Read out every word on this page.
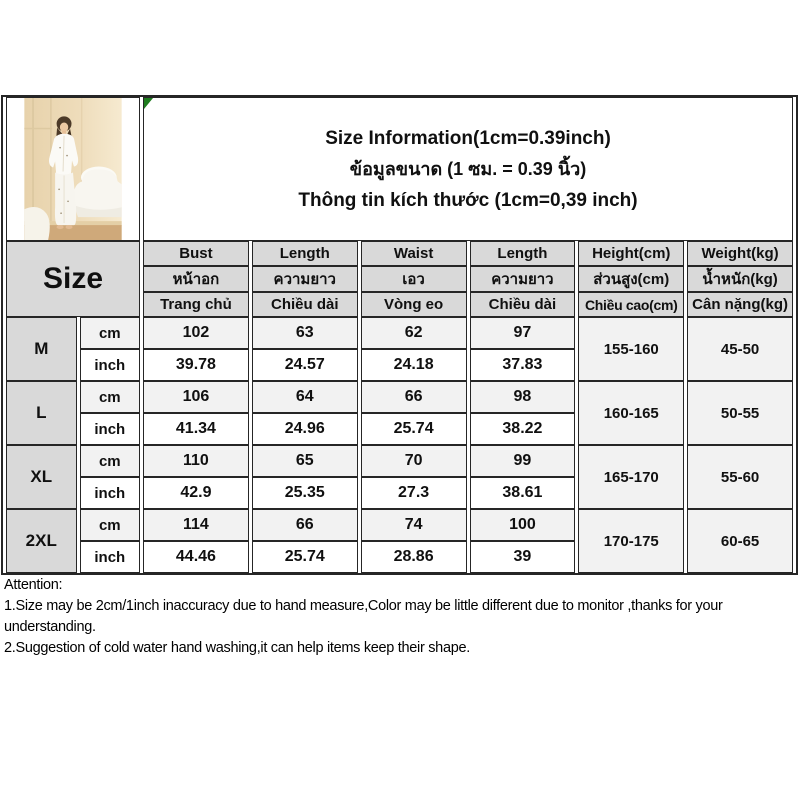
Size Information(1cm=0.39inch)
ข้อมูลขนาด (1 ซม. = 0.39 นิ้ว)
Thông tin kích thước (1cm=0,39 inch)					

Size		Bust	Length	Waist	Length	Height(cm)	Weight(kg)
		หน้าอก	ความยาว	เอว	ความยาว	ส่วนสูง(cm)	น้ำหนัก(kg)
		Trang chủ	Chiều dài	Vòng eo	Chiều dài	Chiều cao(cm)	Cân nặng(kg)
M	cm	102	63	62	97	155-160	45-50
	inch	39.78	24.57	24.18	37.83		
L	cm	106	64	66	98	160-165	50-55
	inch	41.34	24.96	25.74	38.22		
XL	cm	110	65	70	99	165-170	55-60
	inch	42.9	25.35	27.3	38.61		
2XL	cm	114	66	74	100	170-175	60-65
	inch	44.46	25.74	28.86	39		
Attention:
1.Size may be 2cm/1inch inaccuracy due to hand measure,Color may be little different due to monitor ,thanks for your
understanding.
2.Suggestion of cold water hand washing,it can help items keep their shape.
